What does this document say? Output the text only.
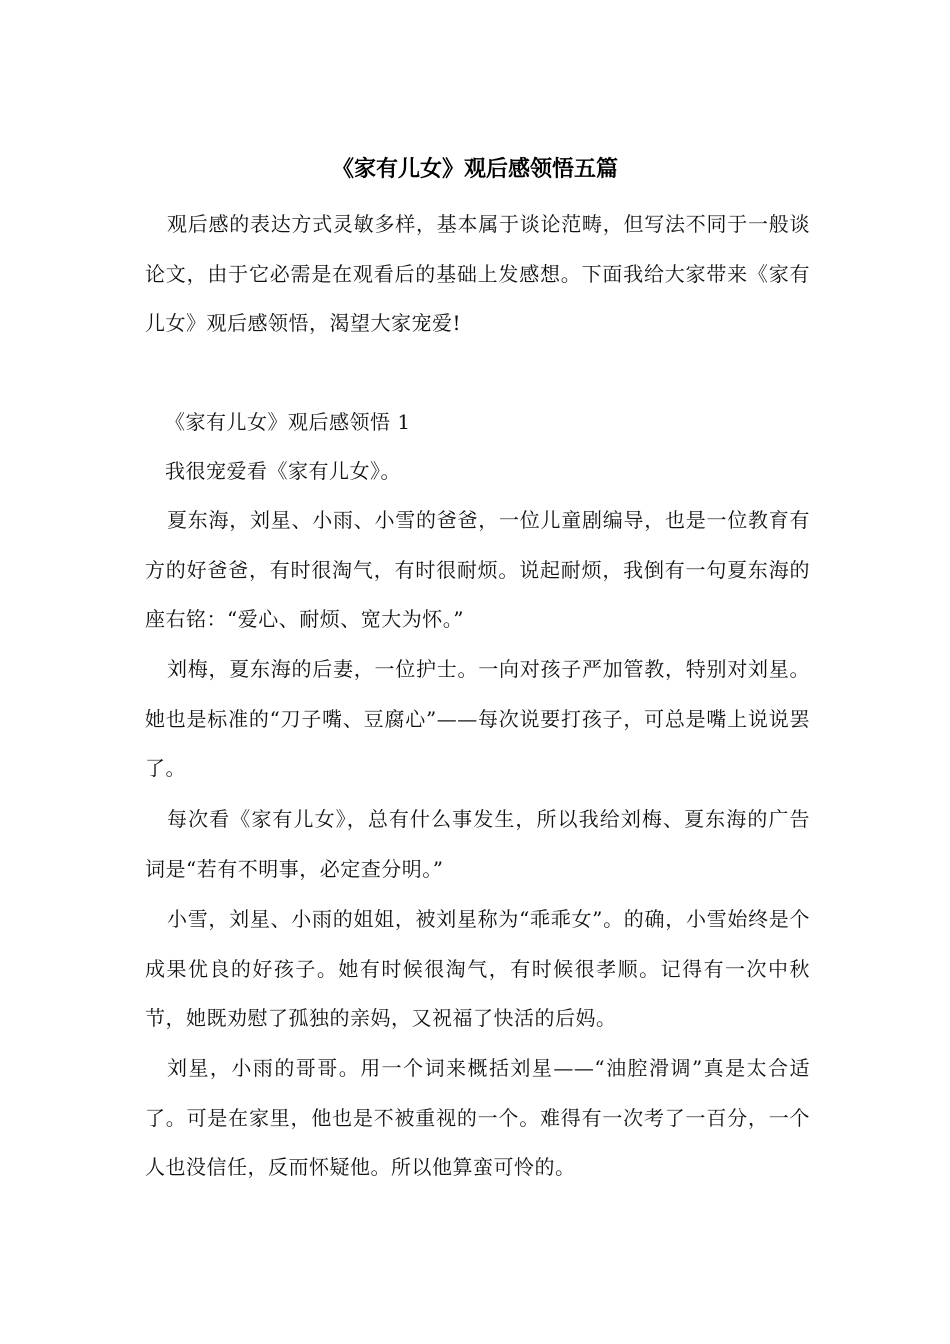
《家有儿女》观后感领悟五篇

观后感的表达方式灵敏多样，基本属于谈论范畴，但写法不同于一般谈论文，由于它必需是在观看后的基础上发感想。下面我给大家带来《家有儿女》观后感领悟，渴望大家宠爱!

《家有儿女》观后感领悟 1

我很宠爱看《家有儿女》。

夏东海，刘星、小雨、小雪的爸爸，一位儿童剧编导，也是一位教育有方的好爸爸，有时很淘气，有时很耐烦。说起耐烦，我倒有一句夏东海的座右铭：“爱心、耐烦、宽大为怀。”

刘梅，夏东海的后妻，一位护士。一向对孩子严加管教，特别对刘星。她也是标准的“刀子嘴、豆腐心”——每次说要打孩子，可总是嘴上说说罢了。

每次看《家有儿女》，总有什么事发生，所以我给刘梅、夏东海的广告词是“若有不明事，必定查分明。”

小雪，刘星、小雨的姐姐，被刘星称为“乖乖女”。的确，小雪始终是个成果优良的好孩子。她有时候很淘气，有时候很孝顺。记得有一次中秋节，她既劝慰了孤独的亲妈，又祝福了快活的后妈。

刘星，小雨的哥哥。用一个词来概括刘星——“油腔滑调”真是太合适了。可是在家里，他也是不被重视的一个。难得有一次考了一百分，一个人也没信任，反而怀疑他。所以他算蛮可怜的。
